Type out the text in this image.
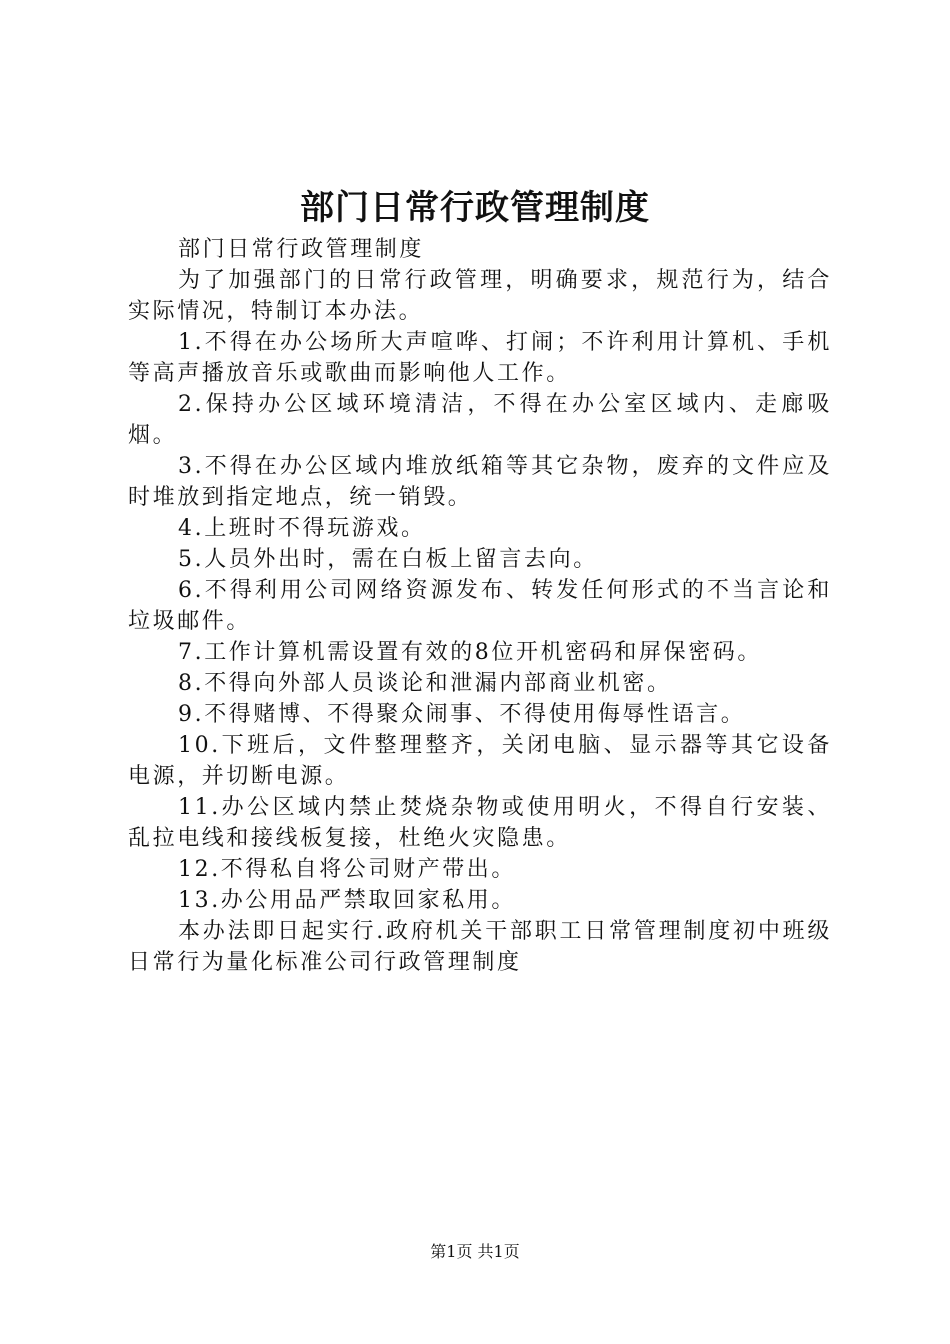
部门日常行政管理制度

部门日常行政管理制度

为了加强部门的日常行政管理，明确要求，规范行为，结合实际情况，特制订本办法。

1.不得在办公场所大声喧哗、打闹；不许利用计算机、手机等高声播放音乐或歌曲而影响他人工作。

2.保持办公区域环境清洁，不得在办公室区域内、走廊吸烟。

3.不得在办公区域内堆放纸箱等其它杂物，废弃的文件应及时堆放到指定地点，统一销毁。

4.上班时不得玩游戏。

5.人员外出时，需在白板上留言去向。

6.不得利用公司网络资源发布、转发任何形式的不当言论和垃圾邮件。

7.工作计算机需设置有效的8位开机密码和屏保密码。

8.不得向外部人员谈论和泄漏内部商业机密。

9.不得赌博、不得聚众闹事、不得使用侮辱性语言。

10.下班后，文件整理整齐，关闭电脑、显示器等其它设备电源，并切断电源。

11.办公区域内禁止焚烧杂物或使用明火，不得自行安装、乱拉电线和接线板复接，杜绝火灾隐患。

12.不得私自将公司财产带出。

13.办公用品严禁取回家私用。

本办法即日起实行.政府机关干部职工日常管理制度初中班级日常行为量化标准公司行政管理制度

第1页 共1页
